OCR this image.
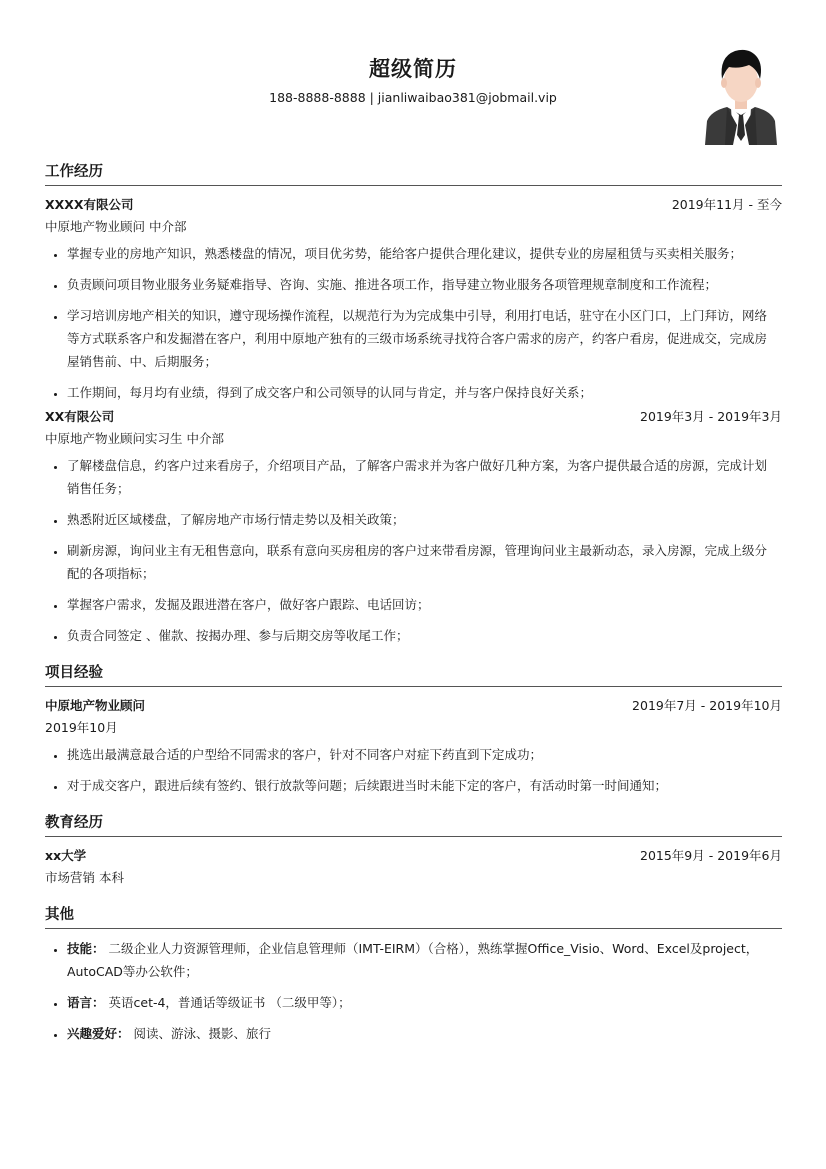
超级简历
188-8888-8888 | jianliwaibao381@jobmail.vip
工作经历
XXXX有限公司	2019年11月 - 至今
中原地产物业顾问 中介部
• 掌握专业的房地产知识，熟悉楼盘的情况，项目优劣势，能给客户提供合理化建议，提供专业的房屋租赁与买卖相关服务；
• 负责顾问项目物业服务业务疑难指导、咨询、实施、推进各项工作，指导建立物业服务各项管理规章制度和工作流程；
• 学习培训房地产相关的知识，遵守现场操作流程，以规范行为为完成集中引导，利用打电话，驻守在小区门口，上门拜访，网络等方式联系客户和发掘潜在客户，利用中原地产独有的三级市场系统寻找符合客户需求的房产，约客户看房，促进成交，完成房屋销售前、中、后期服务；
• 工作期间，每月均有业绩，得到了成交客户和公司领导的认同与肯定，并与客户保持良好关系；
XX有限公司	2019年3月 - 2019年3月
中原地产物业顾问实习生 中介部
• 了解楼盘信息，约客户过来看房子，介绍项目产品，了解客户需求并为客户做好几种方案，为客户提供最合适的房源，完成计划销售任务；
• 熟悉附近区域楼盘，了解房地产市场行情走势以及相关政策；
• 刷新房源，询问业主有无租售意向，联系有意向买房租房的客户过来带看房源，管理询问业主最新动态，录入房源，完成上级分配的各项指标；
• 掌握客户需求，发掘及跟进潜在客户，做好客户跟踪、电话回访；
• 负责合同签定 、催款、按揭办理、参与后期交房等收尾工作；
项目经验
中原地产物业顾问	2019年7月 - 2019年10月
2019年10月
• 挑选出最满意最合适的户型给不同需求的客户，针对不同客户对症下药直到下定成功；
• 对于成交客户，跟进后续有签约、银行放款等问题；后续跟进当时未能下定的客户，有活动时第一时间通知；
教育经历
xx大学	2015年9月 - 2019年6月
市场营销 本科
其他
• 技能： 二级企业人力资源管理师，企业信息管理师（IMT-EIRM）（合格），熟练掌握Office_Visio、Word、Excel及project，AutoCAD等办公软件；
• 语言： 英语cet-4，普通话等级证书 （二级甲等）；
• 兴趣爱好： 阅读、游泳、摄影、旅行
